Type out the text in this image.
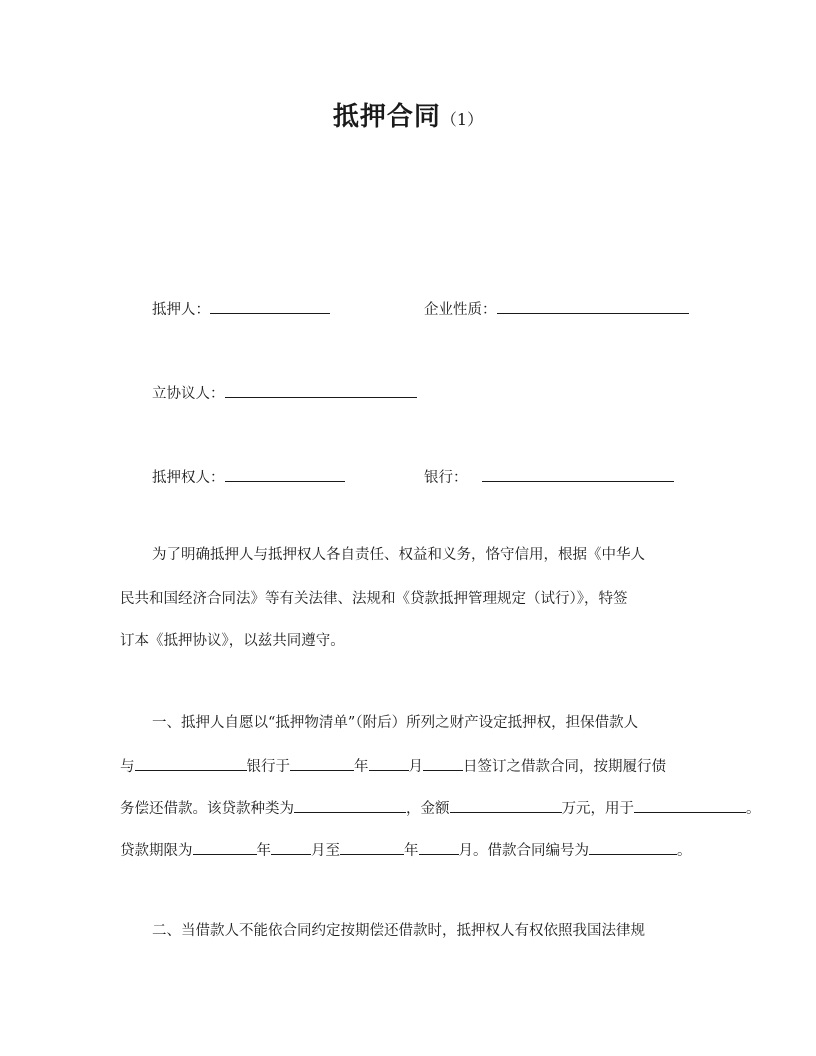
抵押合同（1）
抵押人：	企业性质：
立协议人：
抵押权人：	银行：
为了明确抵押人与抵押权人各自责任、权益和义务，恪守信用，根据《中华人
民共和国经济合同法》等有关法律、法规和《贷款抵押管理规定（试行）》，特签
订本《抵押协议》，以兹共同遵守。
一、抵押人自愿以“抵押物清单”（附后）所列之财产设定抵押权，担保借款人
与	银行于	年	月	日签订之借款合同，按期履行债
务偿还借款。该贷款种类为	，金额	万元，用于	。
贷款期限为	年	月至	年	月。借款合同编号为	。
二、当借款人不能依合同约定按期偿还借款时，抵押权人有权依照我国法律规
